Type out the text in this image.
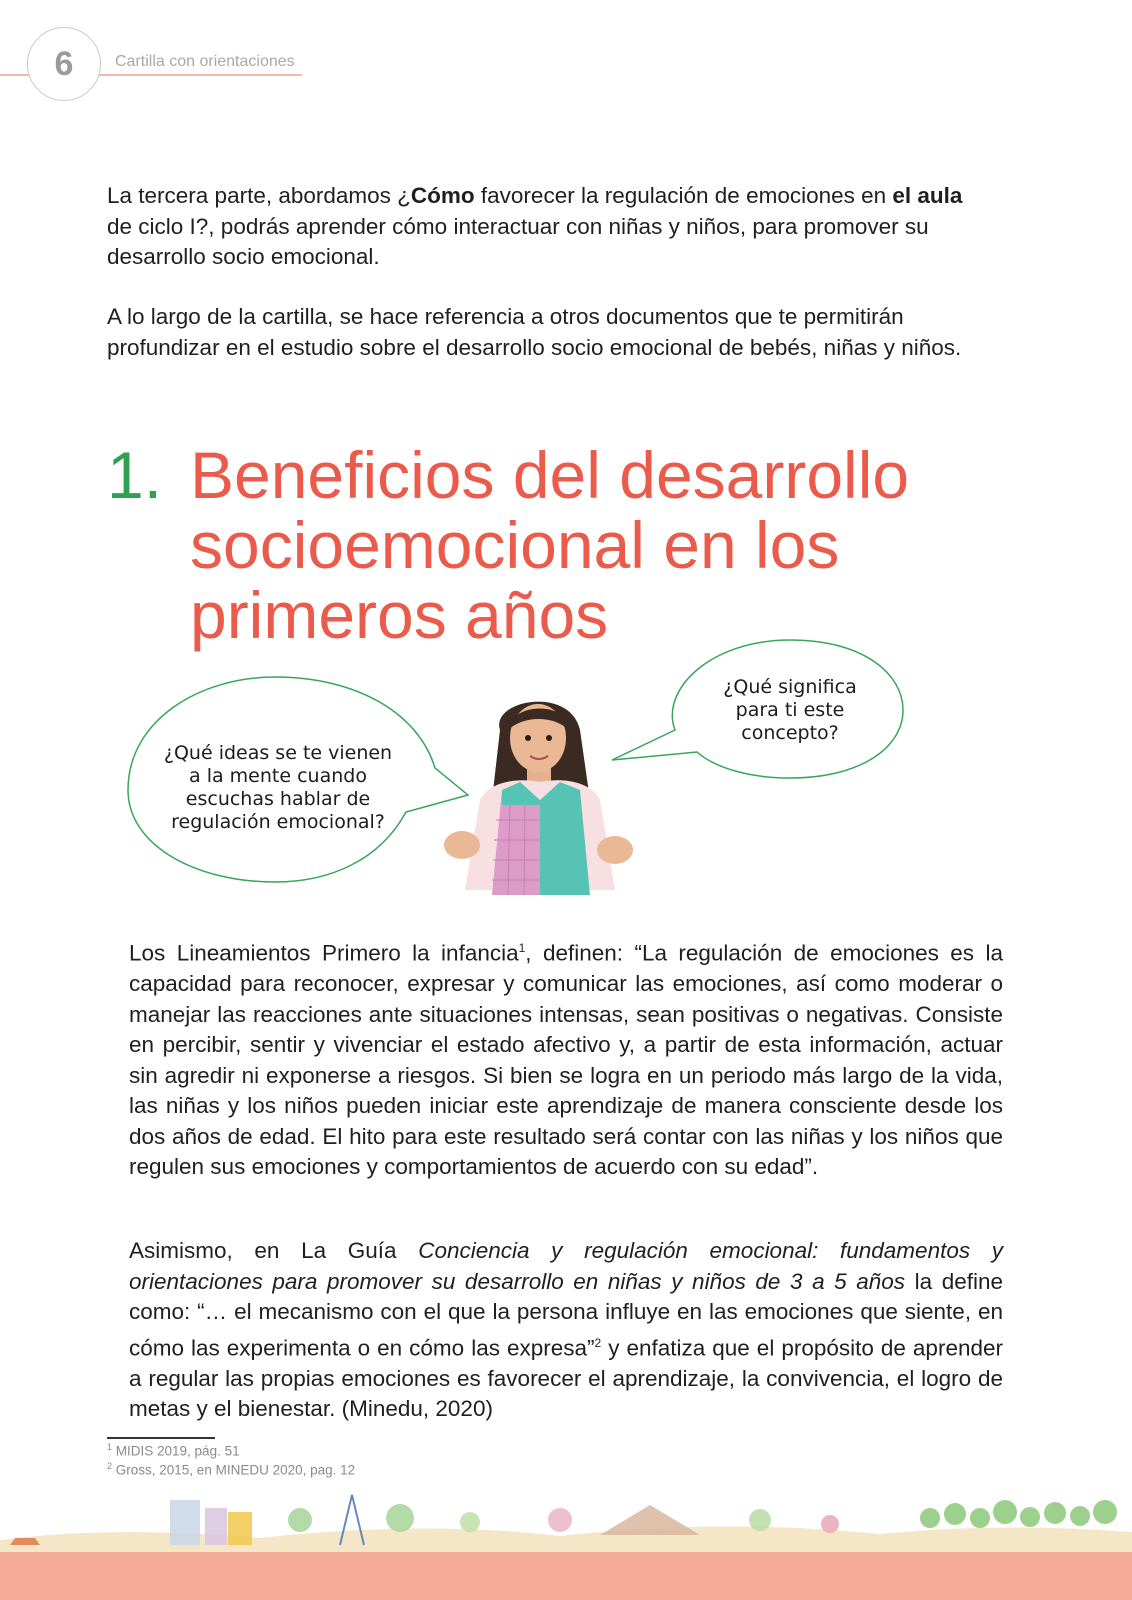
6	Cartilla con orientaciones

La tercera parte, abordamos ¿Cómo favorecer la regulación de emociones en el aula de ciclo I?, podrás aprender cómo interactuar con niñas y niños, para promover su desarrollo socio emocional.

A lo largo de la cartilla, se hace referencia a otros documentos que te permitirán profundizar en el estudio sobre el desarrollo socio emocional de bebés, niñas y niños.

1. Beneficios del desarrollo socioemocional en los primeros años
¿Qué ideas se te vienen
a la mente cuando
escuchas hablar de
regulación emocional?
¿Qué significa
para ti este
concepto?

Los Lineamientos Primero la infancia$^1$, definen: “La regulación de emociones es la capacidad para reconocer, expresar y comunicar las emociones, así como moderar o manejar las reacciones ante situaciones intensas, sean positivas o negativas. Consiste en percibir, sentir y vivenciar el estado afectivo y, a partir de esta información, actuar sin agredir ni exponerse a riesgos. Si bien se logra en un periodo más largo de la vida, las niñas y los niños pueden iniciar este aprendizaje de manera consciente desde los dos años de edad. El hito para este resultado será contar con las niñas y los niños que regulen sus emociones y comportamientos de acuerdo con su edad”.

Asimismo, en La Guía Conciencia y regulación emocional: fundamentos y orientaciones para promover su desarrollo en niñas y niños de 3 a 5 años la define como: “… el mecanismo con el que la persona influye en las emociones que siente, en cómo las experimenta o en cómo las expresa”$^2$ y enfatiza que el propósito de aprender a regular las propias emociones es favorecer el aprendizaje, la convivencia, el logro de metas y el bienestar. (Minedu, 2020)

$^1$ MIDIS 2019, pág. 51
$^2$ Gross, 2015, en MINEDU 2020, pag. 12
